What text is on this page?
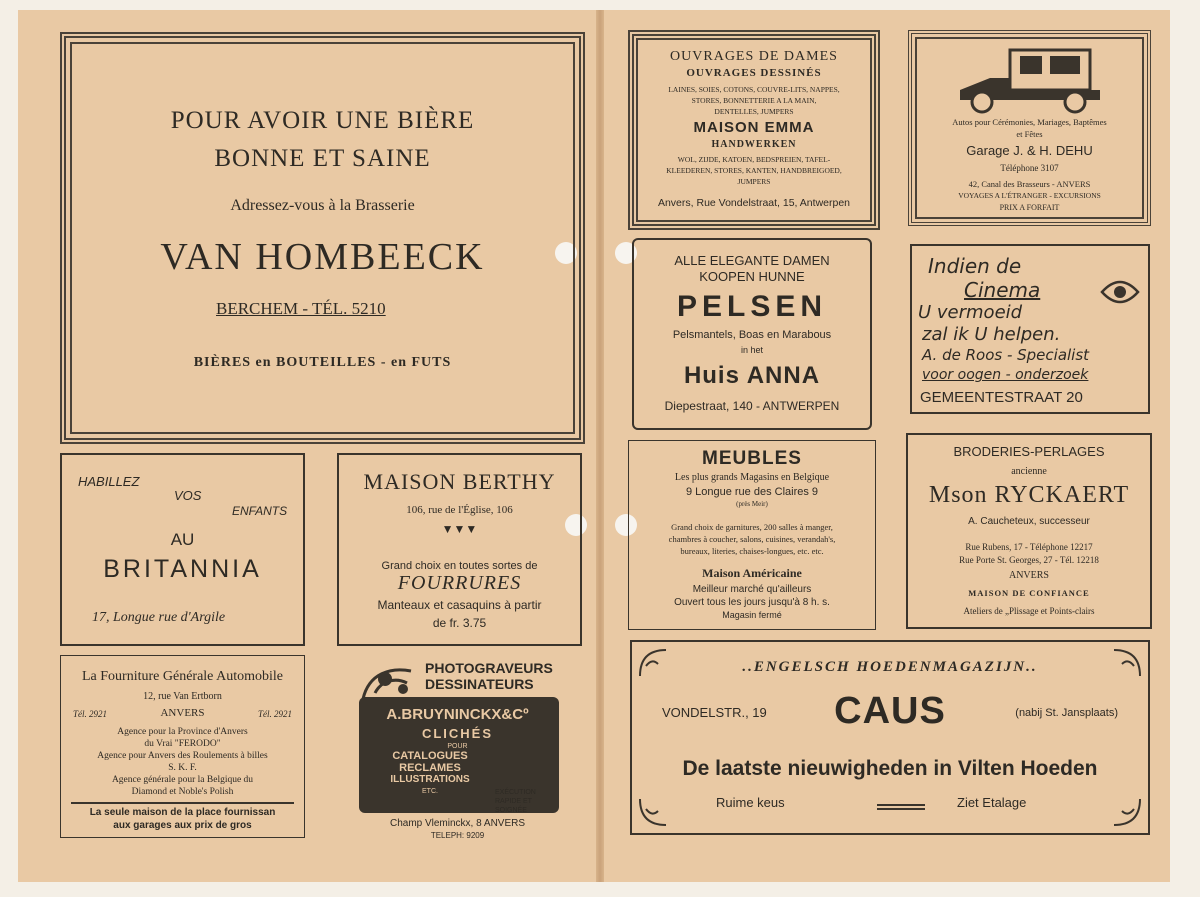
POUR AVOIR UNE BIÈRE
BONNE ET SAINE
Adressez-vous à la Brasserie
VAN HOMBEECK
BERCHEM - TÉL. 5210
BIÈRES en BOUTEILLES - en FUTS
HABILLEZ
VOS
ENFANTS
AU
BRITANNIA
17, Longue rue d'Argile
MAISON BERTHY
106, rue de l'Église, 106
▼▼▼
Grand choix en toutes sortes de
FOURRURES
Manteaux et casaquins à partir
de fr. 3.75
La Fourniture Générale Automobile
12, rue Van Ertborn
Tél. 2921	ANVERS	Tél. 2921
Agence pour la Province d'Anvers
du Vrai "FERODO"
Agence pour Anvers des Roulements à billes
S. K. F.
Agence générale pour la Belgique du
Diamond et Noble's Polish
La seule maison de la place fournissan
aux garages aux prix de gros
PHOTOGRAVEURS
DESSINATEURS
A.BRUYNINCKX&Cº
CLICHÉS
POUR
CATALOGUES
RECLAMES
ILLUSTRATIONS
ETC.	EXÉCUTION
RAPIDE ET
SOIGNÉE
Champ Vleminckx, 8 ANVERS
TELEPH: 9209
OUVRAGES DE DAMES
OUVRAGES DESSINÉS
LAINES, SOIES, COTONS, COUVRE-LITS, NAPPES,
STORES, BONNETTERIE A LA MAIN,
DENTELLES, JUMPERS
MAISON EMMA
HANDWERKEN
WOL, ZIJDE, KATOEN, BEDSPREIEN, TAFEL-
KLEEDEREN, STORES, KANTEN, HANDBREIGOED,
JUMPERS
Anvers, Rue Vondelstraat, 15, Antwerpen
Autos pour Cérémonies, Mariages, Baptêmes
et Fêtes
Garage J. & H. DEHU
Téléphone 3107
42, Canal des Brasseurs - ANVERS
VOYAGES A L'ÉTRANGER - EXCURSIONS
PRIX A FORFAIT
ALLE ELEGANTE DAMEN
KOOPEN HUNNE
PELSEN
Pelsmantels, Boas en Marabous
in het
Huis ANNA
Diepestraat, 140 - ANTWERPEN
Indien de
Cinema
U vermoeid
zal ik U helpen.
A. de Roos - Specialist
voor oogen - onderzoek
GEMEENTESTRAAT 20
MEUBLES
Les plus grands Magasins en Belgique
9 Longue rue des Claires 9
(près Meir)
Grand choix de garnitures, 200 salles à manger,
chambres à coucher, salons, cuisines, verandah's,
bureaux, literies, chaises-longues, etc. etc.
Maison Américaine
Meilleur marché qu'ailleurs
Ouvert tous les jours jusqu'à 8 h. s.
Magasin fermé
BRODERIES-PERLAGES
ancienne
Mson RYCKAERT
A. Caucheteux, successeur
Rue Rubens, 17 - Téléphone 12217
Rue Porte St. Georges, 27 - Tél. 12218
ANVERS
MAISON DE CONFIANCE
Ateliers de „Plissage et Points-clairs
..ENGELSCH HOEDENMAGAZIJN..
VONDELSTR., 19	CAUS	(nabij St. Jansplaats)
De laatste nieuwigheden in Vilten Hoeden
Ruime keus	Ziet Etalage
